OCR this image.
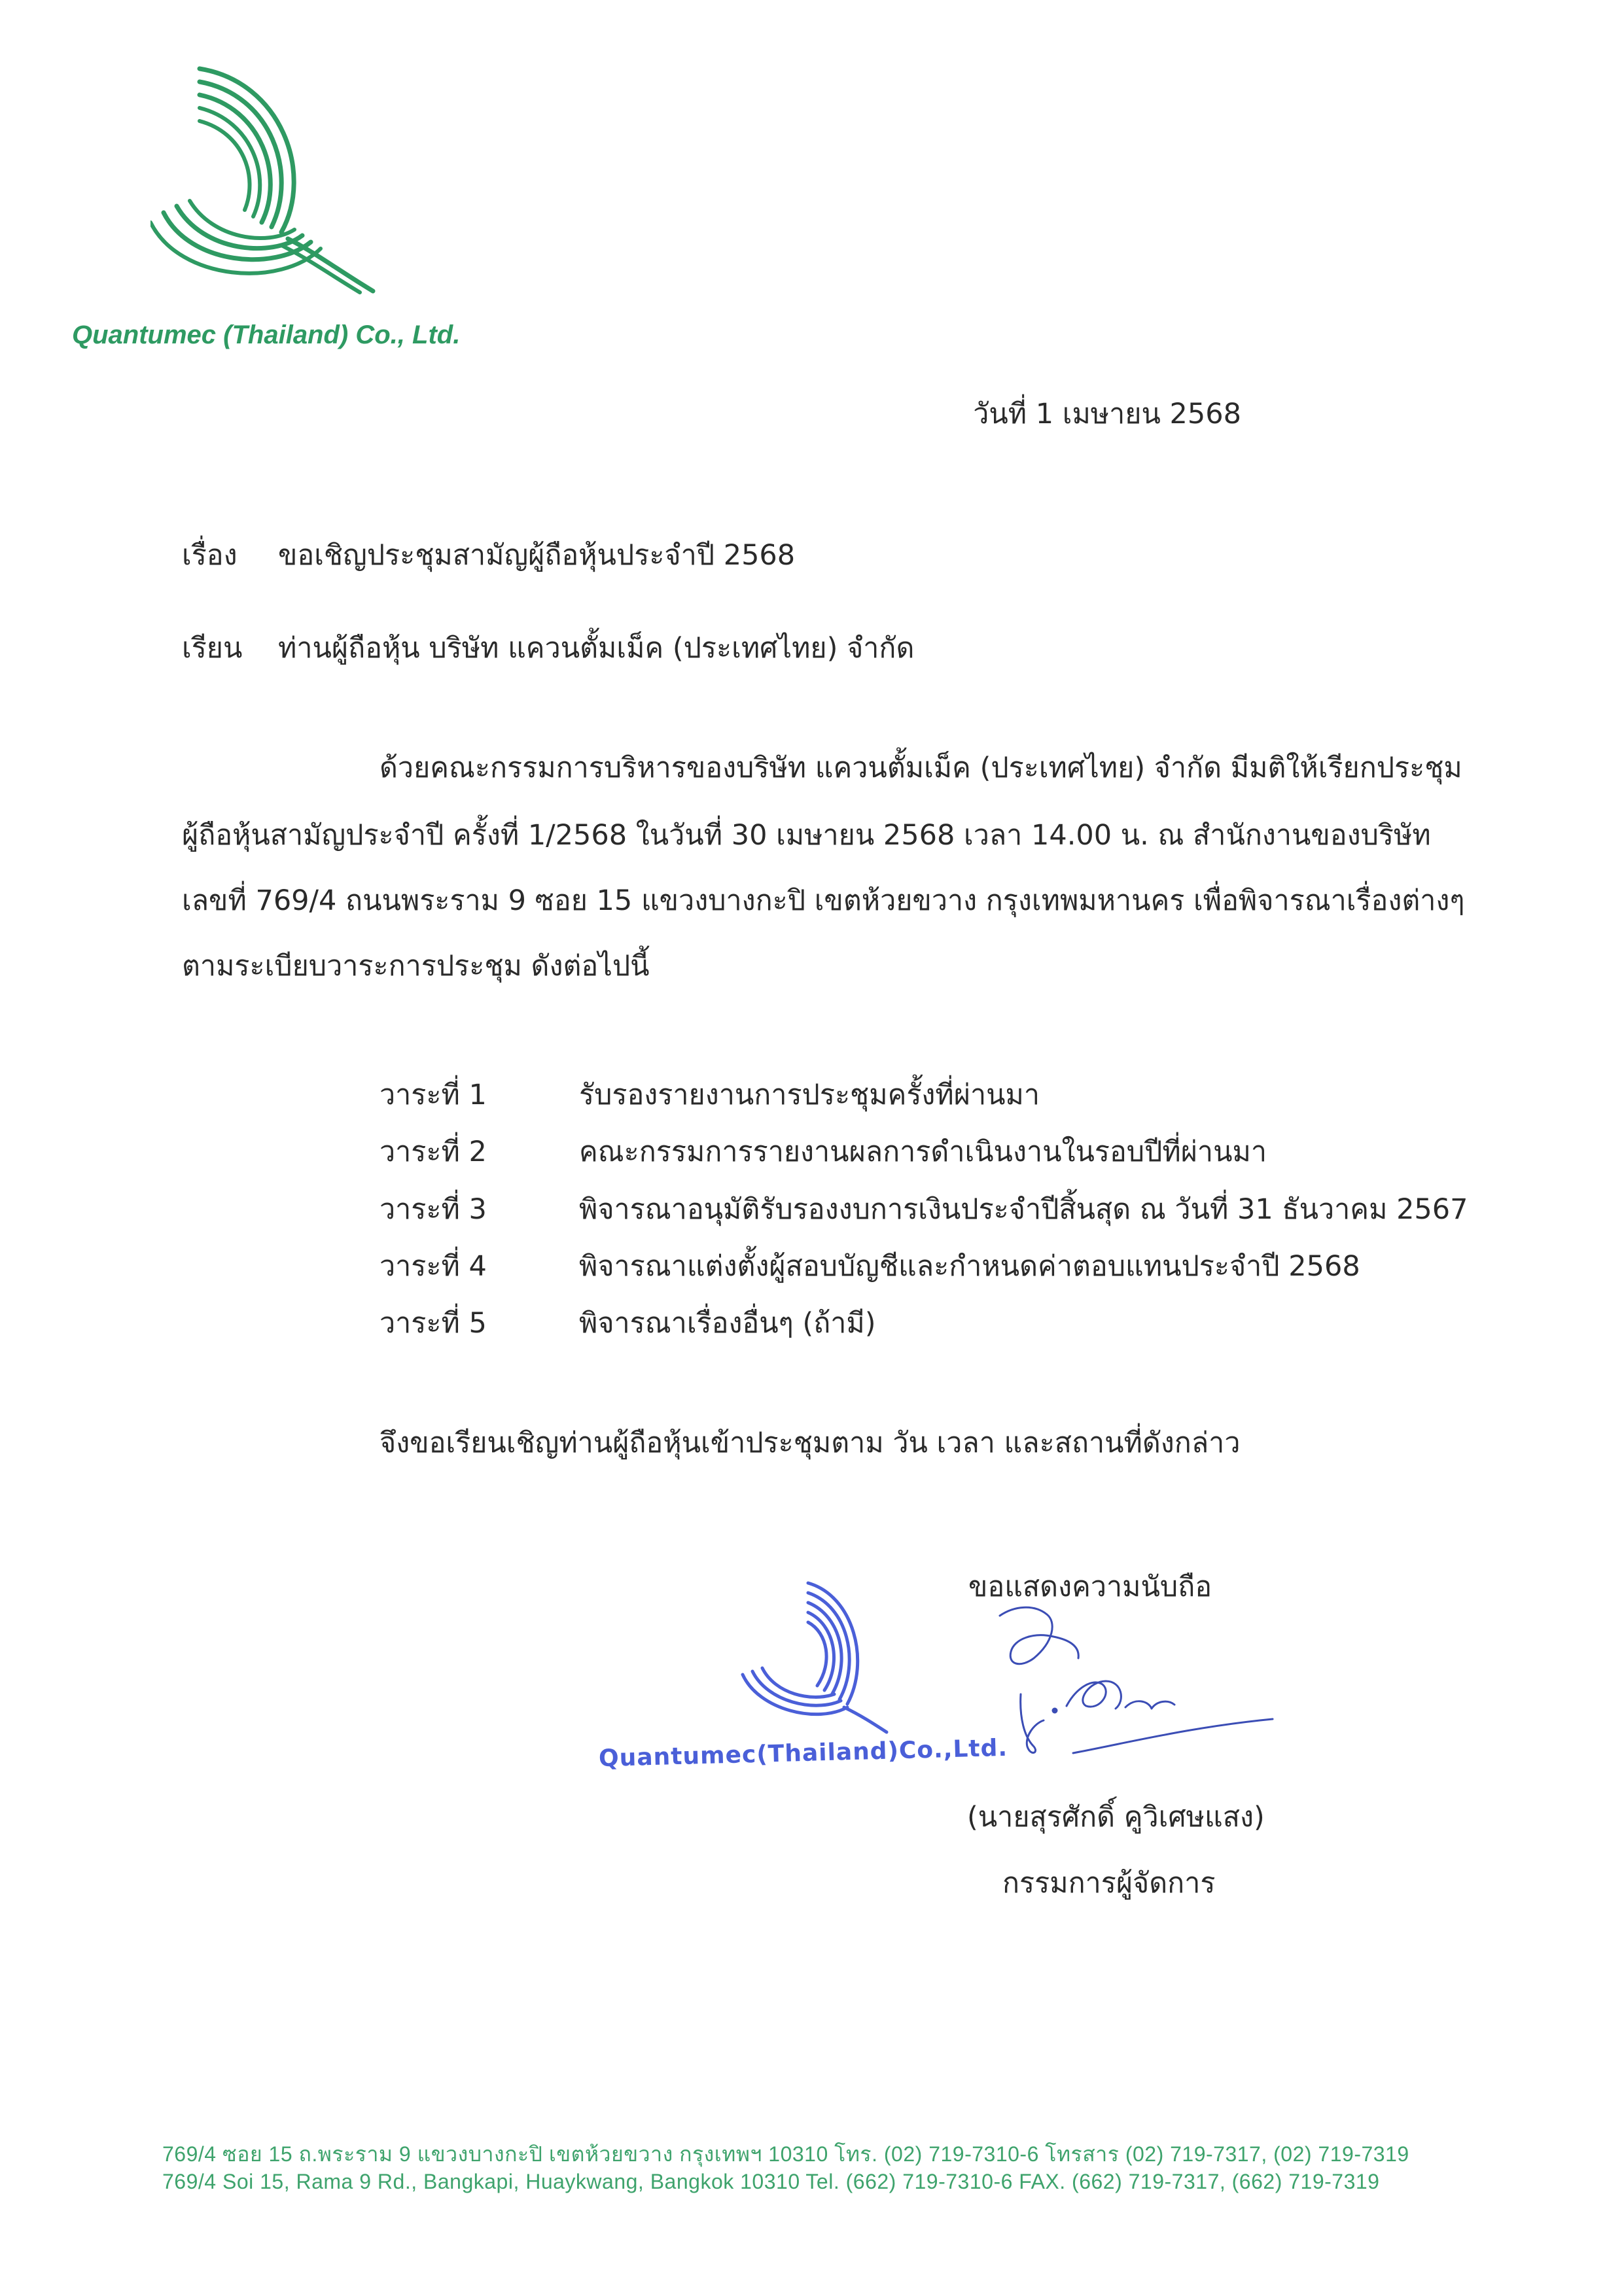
Quantumec (Thailand) Co., Ltd.
วันที่ 1 เมษายน 2568
เรื่อง ขอเชิญประชุมสามัญผู้ถือหุ้นประจำปี 2568
เรียน ท่านผู้ถือหุ้น บริษัท แควนตั้มเม็ค (ประเทศไทย) จำกัด
ด้วยคณะกรรมการบริหารของบริษัท แควนตั้มเม็ค (ประเทศไทย) จำกัด มีมติให้เรียกประชุม
ผู้ถือหุ้นสามัญประจำปี ครั้งที่ 1/2568 ในวันที่ 30 เมษายน 2568 เวลา 14.00 น. ณ สำนักงานของบริษัท
เลขที่ 769/4 ถนนพระราม 9 ซอย 15 แขวงบางกะปิ เขตห้วยขวาง กรุงเทพมหานคร เพื่อพิจารณาเรื่องต่างๆ
ตามระเบียบวาระการประชุม ดังต่อไปนี้
วาระที่ 1	รับรองรายงานการประชุมครั้งที่ผ่านมา
วาระที่ 2	คณะกรรมการรายงานผลการดำเนินงานในรอบปีที่ผ่านมา
วาระที่ 3	พิจารณาอนุมัติรับรองงบการเงินประจำปีสิ้นสุด ณ วันที่ 31 ธันวาคม 2567
วาระที่ 4	พิจารณาแต่งตั้งผู้สอบบัญชีและกำหนดค่าตอบแทนประจำปี 2568
วาระที่ 5	พิจารณาเรื่องอื่นๆ (ถ้ามี)
จึงขอเรียนเชิญท่านผู้ถือหุ้นเข้าประชุมตาม วัน เวลา และสถานที่ดังกล่าว
ขอแสดงความนับถือ
Quantumec(Thailand)Co.,Ltd.
(นายสุรศักดิ์ คูวิเศษแสง)
กรรมการผู้จัดการ
769/4 ซอย 15 ถ.พระราม 9 แขวงบางกะปิ เขตห้วยขวาง กรุงเทพฯ 10310 โทร. (02) 719-7310-6 โทรสาร (02) 719-7317, (02) 719-7319
769/4 Soi 15, Rama 9 Rd., Bangkapi, Huaykwang, Bangkok 10310 Tel. (662) 719-7310-6 FAX. (662) 719-7317, (662) 719-7319
